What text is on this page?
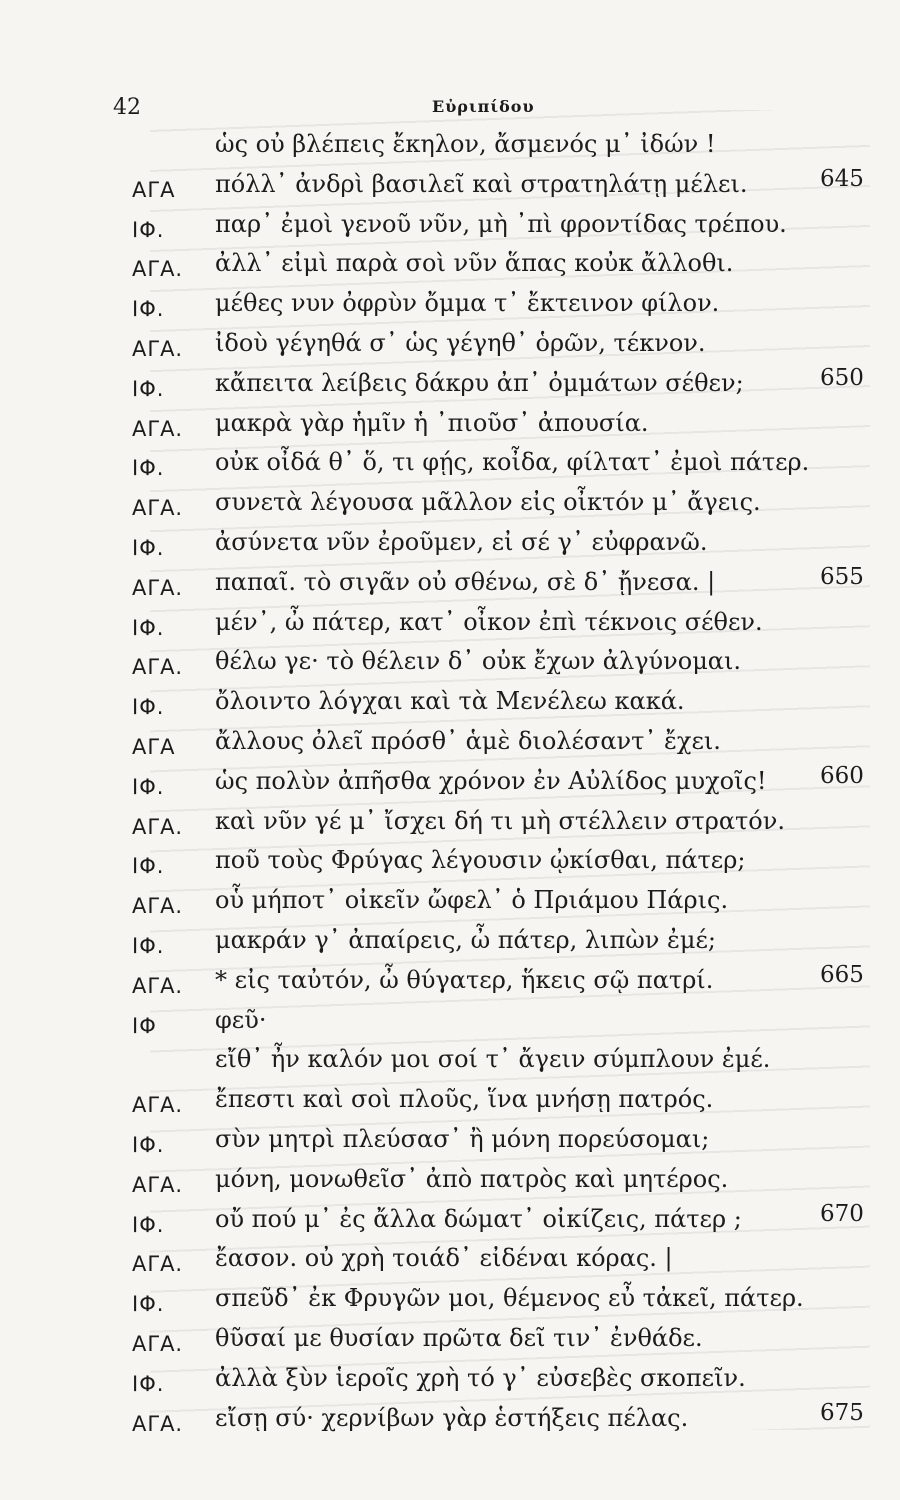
42	Εὐριπίδου
ὡς οὐ βλέπεις ἔκηλον, ἄσμενός μ᾽ ἰδών !
ΑΓΑ πόλλ᾽ ἀνδρὶ βασιλεῖ καὶ στρατηλάτῃ μέλει.	645
ΙΦ. παρ᾽ ἐμοὶ γενοῦ νῦν, μὴ ᾽πὶ φροντίδας τρέπου.
ΑΓΑ. ἀλλ᾽ εἰμὶ παρὰ σοὶ νῦν ἅπας κοὐκ ἄλλοθι.
ΙΦ. μέθες νυν ὀφρὺν ὄμμα τ᾽ ἔκτεινον φίλον.
ΑΓΑ. ἰδοὺ γέγηθά σ᾽ ὡς γέγηθ᾽ ὁρῶν, τέκνον.
ΙΦ. κἄπειτα λείβεις δάκρυ ἀπ᾽ ὀμμάτων σέθεν;	650
ΑΓΑ. μακρὰ γὰρ ἡμῖν ἡ ᾽πιοῦσ᾽ ἀπουσία.
ΙΦ. οὐκ οἶδά θ᾽ ὅ, τι φῄς, κοἶδα, φίλτατ᾽ ἐμοὶ πάτερ.
ΑΓΑ. συνετὰ λέγουσα μᾶλλον εἰς οἶκτόν μ᾽ ἄγεις.
ΙΦ. ἀσύνετα νῦν ἐροῦμεν, εἰ σέ γ᾽ εὐφρανῶ.
ΑΓΑ. παπαῖ. τὸ σιγᾶν οὐ σθένω, σὲ δ᾽ ᾔνεσα. |	655
ΙΦ. μέν᾽, ὦ πάτερ, κατ᾽ οἶκον ἐπὶ τέκνοις σέθεν.
ΑΓΑ. θέλω γε· τὸ θέλειν δ᾽ οὐκ ἔχων ἀλγύνομαι.
ΙΦ. ὄλοιντο λόγχαι καὶ τὰ Μενέλεω κακά.
ΑΓΑ ἄλλους ὀλεῖ πρόσθ᾽ ἁμὲ διολέσαντ᾽ ἔχει.
ΙΦ. ὡς πολὺν ἀπῆσθα χρόνον ἐν Αὐλίδος μυχοῖς! 660
ΑΓΑ. καὶ νῦν γέ μ᾽ ἴσχει δή τι μὴ στέλλειν στρατόν.
ΙΦ. ποῦ τοὺς Φρύγας λέγουσιν ᾠκίσθαι, πάτερ;
ΑΓΑ. οὗ μήποτ᾽ οἰκεῖν ὤφελ᾽ ὁ Πριάμου Πάρις.
ΙΦ. μακράν γ᾽ ἀπαίρεις, ὦ πάτερ, λιπὼν ἐμέ;
ΑΓΑ. * εἰς ταὐτόν, ὦ θύγατερ, ἥκεις σῷ πατρί.	665
ΙΦ φεῦ·
εἴθ᾽ ἦν καλόν μοι σοί τ᾽ ἄγειν σύμπλουν ἐμέ.
ΑΓΑ. ἔπεστι καὶ σοὶ πλοῦς, ἵνα μνήσῃ πατρός.
ΙΦ. σὺν μητρὶ πλεύσασ᾽ ἢ μόνη πορεύσομαι;
ΑΓΑ. μόνη, μονωθεῖσ᾽ ἀπὸ πατρὸς καὶ μητέρος.
ΙΦ. οὔ πού μ᾽ ἐς ἄλλα δώματ᾽ οἰκίζεις, πάτερ ;	670
ΑΓΑ. ἔασον. οὐ χρὴ τοιάδ᾽ εἰδέναι κόρας. |
ΙΦ. σπεῦδ᾽ ἐκ Φρυγῶν μοι, θέμενος εὖ τἀκεῖ, πάτερ.
ΑΓΑ. θῦσαί με θυσίαν πρῶτα δεῖ τιν᾽ ἐνθάδε.
ΙΦ. ἀλλὰ ξὺν ἱεροῖς χρὴ τό γ᾽ εὐσεβὲς σκοπεῖν.
ΑΓΑ. εἴσῃ σύ· χερνίβων γὰρ ἑστήξεις πέλας.	675
